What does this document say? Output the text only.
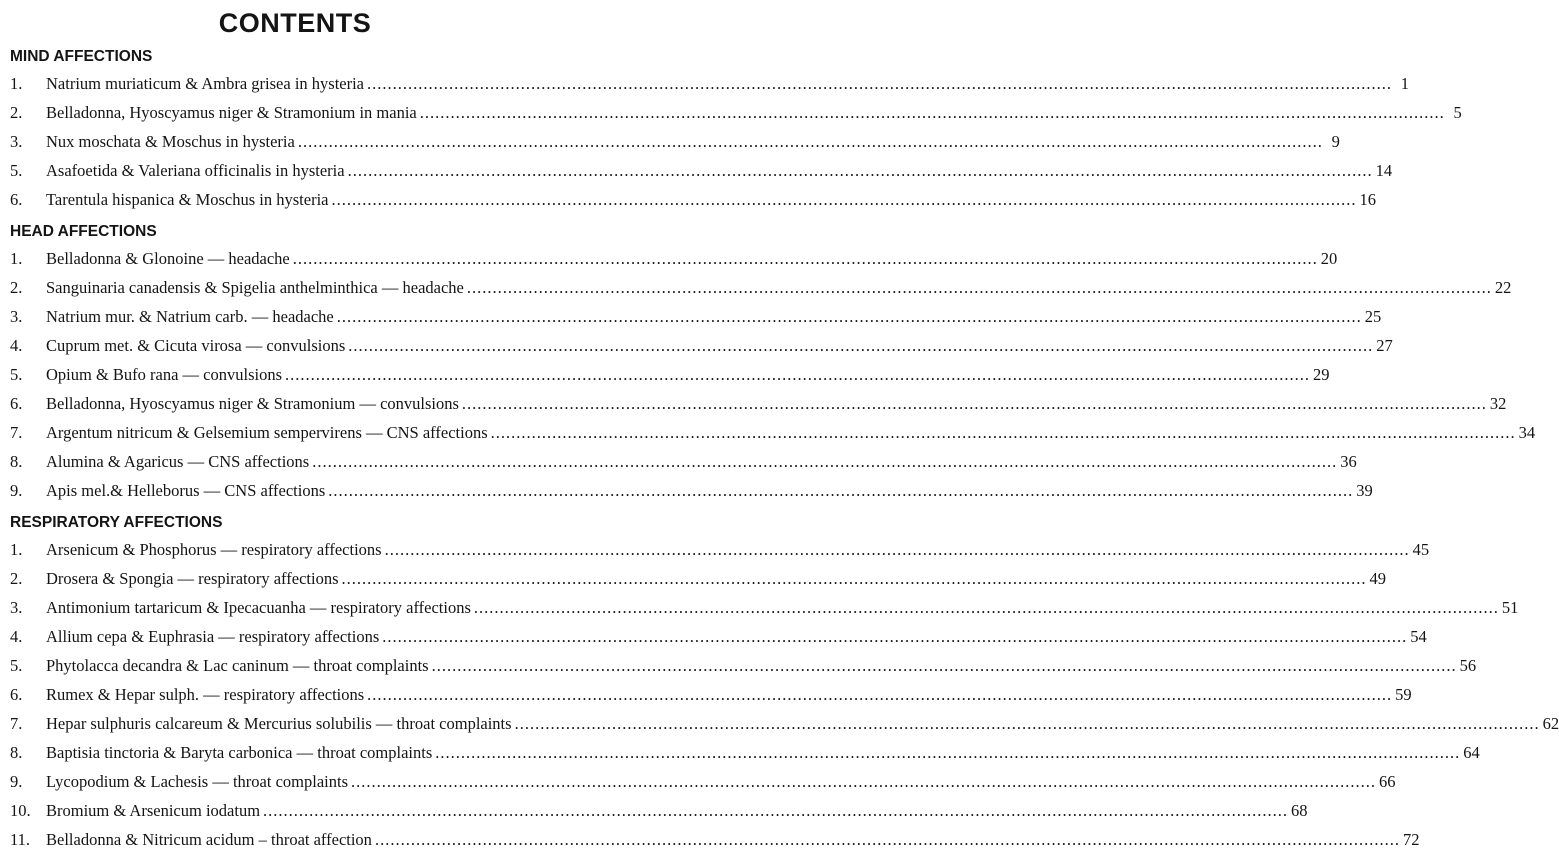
CONTENTS
MIND AFFECTIONS
1.	Natrium muriaticum & Ambra grisea in hysteria .....	1
2.	Belladonna, Hyoscyamus niger & Stramonium in mania .....	5
3.	Nux moschata & Moschus in hysteria .....	9
5.	Asafoetida & Valeriana officinalis in hysteria .....	14
6.	Tarentula hispanica & Moschus in hysteria .....	16
HEAD AFFECTIONS
1.	Belladonna & Glonoine — headache .....	20
2.	Sanguinaria canadensis & Spigelia anthelminthica — headache .....	22
3.	Natrium mur. & Natrium carb. — headache .....	25
4.	Cuprum met. & Cicuta virosa — convulsions .....	27
5.	Opium & Bufo rana — convulsions .....	29
6.	Belladonna, Hyoscyamus niger & Stramonium — convulsions .....	32
7.	Argentum nitricum & Gelsemium sempervirens — CNS affections .....	34
8.	Alumina & Agaricus — CNS affections .....	36
9.	Apis mel.& Helleborus — CNS affections .....	39
RESPIRATORY AFFECTIONS
1.	Arsenicum & Phosphorus — respiratory affections .....	45
2.	Drosera & Spongia — respiratory affections .....	49
3.	Antimonium tartaricum & Ipecacuanha — respiratory affections .....	51
4.	Allium cepa & Euphrasia — respiratory affections .....	54
5.	Phytolacca decandra & Lac caninum — throat complaints .....	56
6.	Rumex & Hepar sulph. — respiratory affections .....	59
7.	Hepar sulphuris calcareum & Mercurius solubilis — throat complaints .....	62
8.	Baptisia tinctoria & Baryta carbonica — throat complaints .....	64
9.	Lycopodium & Lachesis — throat complaints .....	66
10. Bromium & Arsenicum iodatum .....	68
11. Belladonna & Nitricum acidum – throat affection .....	72
